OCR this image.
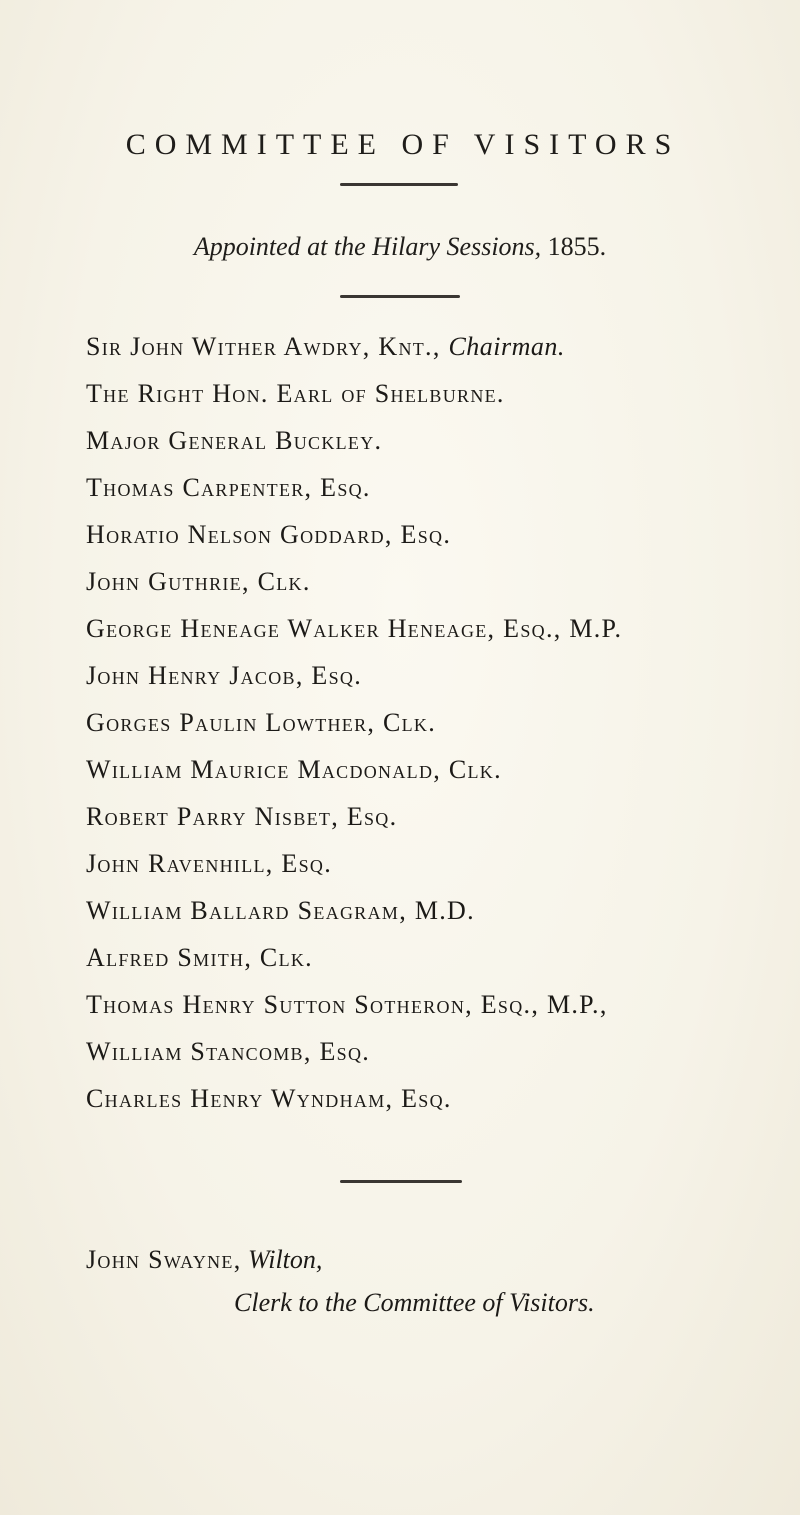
COMMITTEE OF VISITORS
Appointed at the Hilary Sessions, 1855.
Sir John Wither Awdry, Knt., Chairman.
The Right Hon. Earl of Shelburne.
Major General Buckley.
Thomas Carpenter, Esq.
Horatio Nelson Goddard, Esq.
John Guthrie, Clk.
George Heneage Walker Heneage, Esq., M.P.
John Henry Jacob, Esq.
Gorges Paulin Lowther, Clk.
William Maurice Macdonald, Clk.
Robert Parry Nisbet, Esq.
John Ravenhill, Esq.
William Ballard Seagram, M.D.
Alfred Smith, Clk.
Thomas Henry Sutton Sotheron, Esq., M.P.,
William Stancomb, Esq.
Charles Henry Wyndham, Esq.
John Swayne, Wilton,
Clerk to the Committee of Visitors.
